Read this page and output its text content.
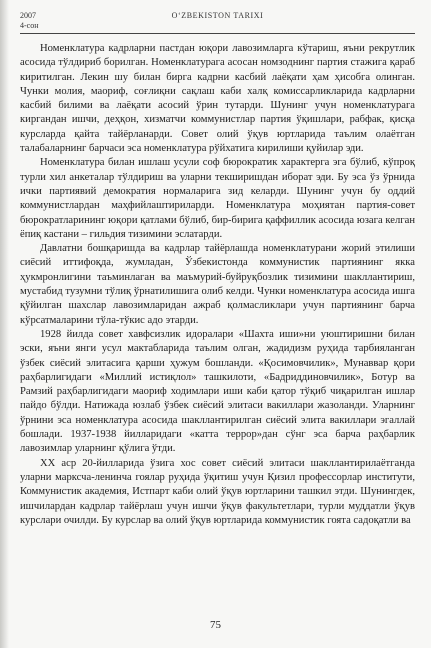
2007
4-сон
O‘ZBEKISTON TARIXI

Номенклатура кадрларни пастдан юқори лавозимларга кўтариш, яъни рекрутлик асосида тўлдириб борилган. Номенклатурага асосан номзоднинг партия стажига қараб киритилган. Лекин шу билан бирга кадрни касбий лаёқати ҳам ҳисобга олинган. Чунки молия, маориф, соғлиқни сақлаш каби халқ комиссарликларида кадрларни касбий билими ва лаёқати асосий ўрин тутарди. Шунинг учун номенклатурага киргандан ишчи, деҳқон, хизматчи коммунистлар партия ўқишлари, рабфак, қисқа курсларда қайта тайёрланарди. Совет олий ўқув юртларида таълим олаётган талабаларнинг барчаси эса номенклатура рўйхатига кирилиши қуйилар эди.

Номенклатура билан ишлаш усули соф бюрократик характерга эга бўлиб, кўпроқ турли хил анкеталар тўлдириш ва уларни текширишдан иборат эди. Бу эса ўз ўрнида ички партиявий демократия нормаларига зид келарди. Шунинг учун бу оддий коммунистлардан маҳфийлаштириларди. Номенклатура моҳиятан партия-совет бюрократларининг юқори қатлами бўлиб, бир-бирига қаффиллик асосида юзага келган ёпиқ кастани – гильдия тизимини эслатарди.

Давлатни бошқаришда ва кадрлар тайёрлашда номенклатурани жорий этилиши сиёсий иттифоқда, жумладан, Ўзбекистонда коммунистик партиянинг якка ҳукмронлигини таъминлаган ва маъмурий-буйруқбозлик тизимини шакллантириш, мустабид тузумни тўлиқ ўрнатилишига олиб келди. Чунки номенклатура асосида ишга қўйилган шахслар лавозимларидан ажраб қолмасликлари учун партиянинг барча кўрсатмаларини тўла-тўкис адо этарди.

1928 йилда совет хавфсизлик идоралари «Шахта иши»ни уюштиришни билан эски, яъни янги усул мактабларида таълим олган, жадидизм руҳида тарбияланган ўзбек сиёсий элитасига қарши ҳужум бошланди. «Қосимовчилик», Мунаввар қори раҳбарлигидаги «Миллий истиқлол» ташкилоти, «Бадриддиновчилик», Ботур ва Рамзий раҳбарлигидаги маориф ходимлари иши каби қатор тўқиб чиқарилган ишлар пайдо бўлди. Натижада юзлаб ўзбек сиёсий элитаси вакиллари жазоланди. Уларнинг ўрнини эса номенклатура асосида шакллантирилган сиёсий элита вакиллари эгаллай бошлади. 1937-1938 йилларидаги «катта террор»дан сўнг эса барча раҳбарлик лавозимлар уларнинг қўлига ўтди.

XX аср 20-йилларида ўзига хос совет сиёсий элитаси шакллантирилаётганда уларни марксча-ленинча гоялар руҳида ўқитиш учун Қизил профессорлар институти, Коммунистик академия, Истпарт каби олий ўқув юртларини ташкил этди. Шунингдек, ишчилардан кадрлар тайёрлаш учун ишчи ўқув факультетлари, турли муддатли ўқув курслари очилди. Бу курслар ва олий ўқув юртларида коммунистик гоята садоқатли ва

75
